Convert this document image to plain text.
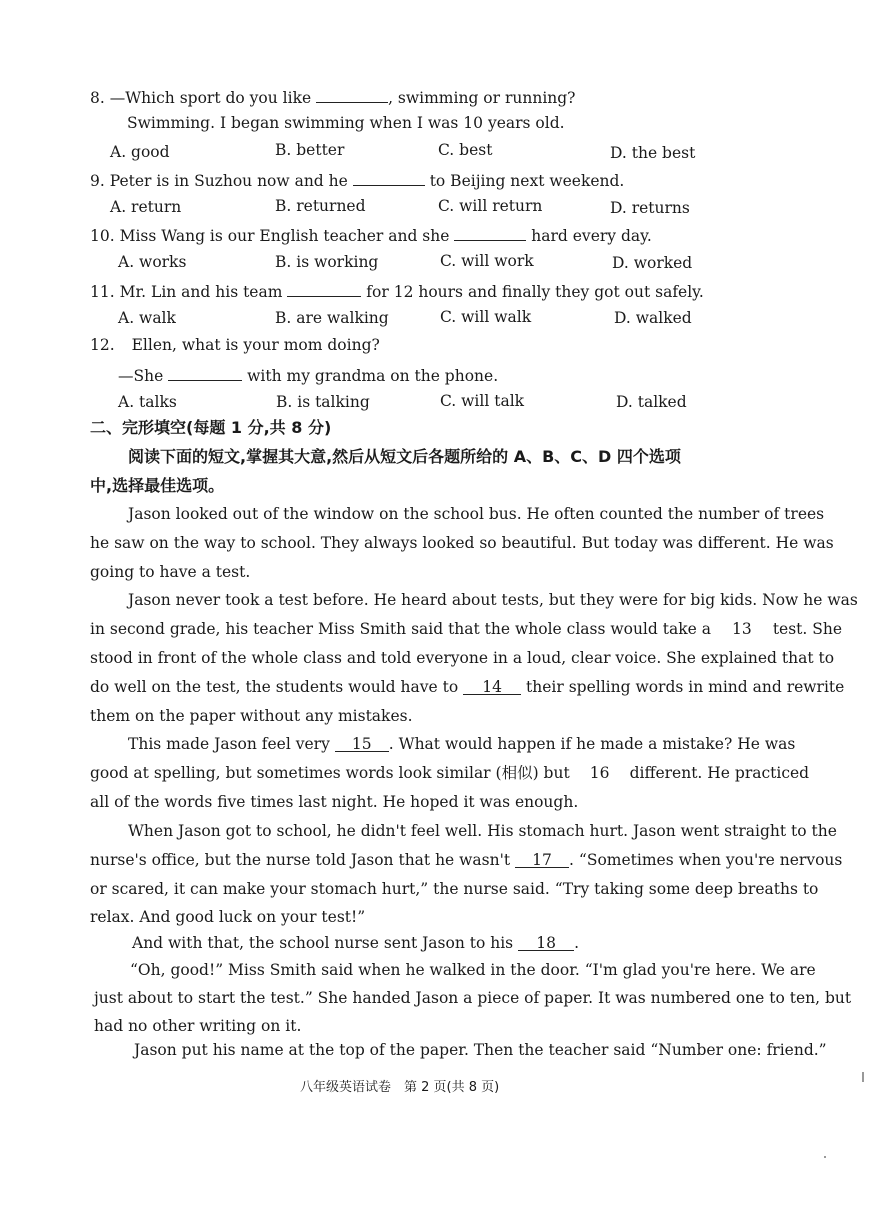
8. —Which sport do you like	, swimming or running?
Swimming. I began swimming when I was 10 years old.
A. good	B. better	C. best	D. the best
9. Peter is in Suzhou now and he	to Beijing next weekend.
A. return	B. returned	C. will return	D. returns
10. Miss Wang is our English teacher and she	hard every day.
A. works	B. is working	C. will work	D. worked
11. Mr. Lin and his team	for 12 hours and finally they got out safely.
A. walk	B. are walking	C. will walk	D. walked
12. Ellen, what is your mom doing?
—She	with my grandma on the phone.
A. talks	B. is talking	C. will talk	D. talked
二、完形填空(每题 1 分,共 8 分)
阅读下面的短文,掌握其大意,然后从短文后各题所给的 A、B、C、D 四个选项
中,选择最佳选项。
Jason looked out of the window on the school bus. He often counted the number of trees
he saw on the way to school. They always looked so beautiful. But today was different. He was
going to have a test.
Jason never took a test before. He heard about tests, but they were for big kids. Now he was
in second grade, his teacher Miss Smith said that the whole class would take a 13 test. She
stood in front of the whole class and told everyone in a loud, clear voice. She explained that to
do well on the test, the students would have to 14 their spelling words in mind and rewrite
them on the paper without any mistakes.
This made Jason feel very 15 . What would happen if he made a mistake? He was
good at spelling, but sometimes words look similar (相似) but 16 different. He practiced
all of the words five times last night. He hoped it was enough.
When Jason got to school, he didn't feel well. His stomach hurt. Jason went straight to the
nurse's office, but the nurse told Jason that he wasn't 17 . “Sometimes when you're nervous
or scared, it can make your stomach hurt,” the nurse said. “Try taking some deep breaths to
relax. And good luck on your test!”
And with that, the school nurse sent Jason to his 18 .
“Oh, good!” Miss Smith said when he walked in the door. “I'm glad you're here. We are
just about to start the test.” She handed Jason a piece of paper. It was numbered one to ten, but
had no other writing on it.
Jason put his name at the top of the paper. Then the teacher said “Number one: friend.”
八年级英语试卷　第 2 页(共 8 页)
